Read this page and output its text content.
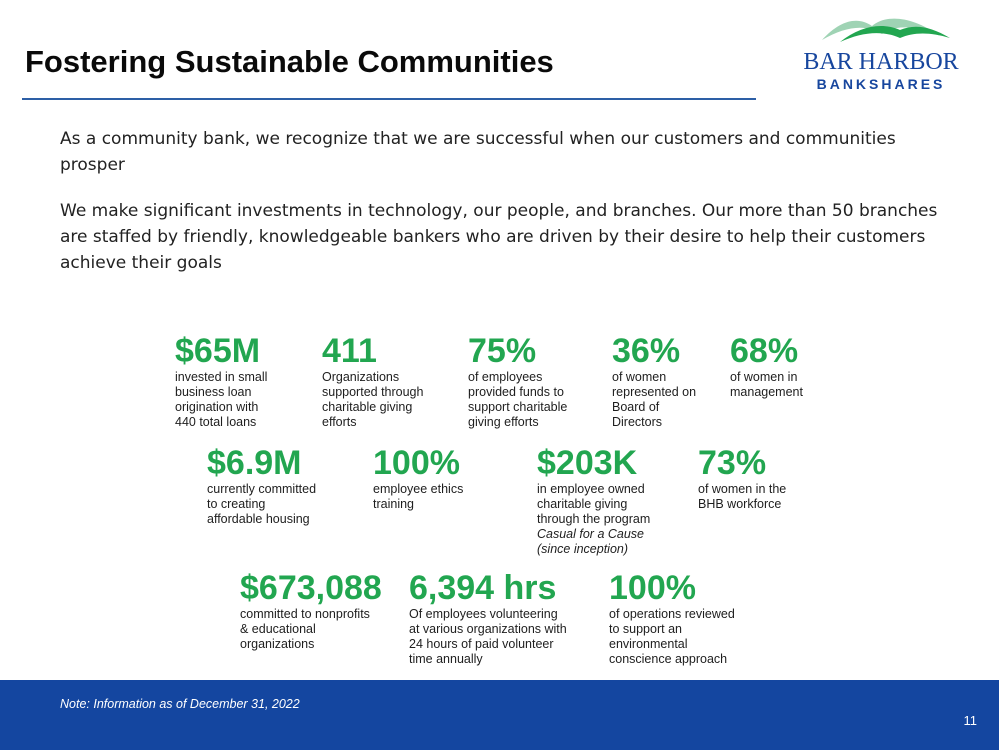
Fostering Sustainable Communities	BAR HARBOR
BANKSHARES

As a community bank, we recognize that we are successful when our customers and communities prosper

We make significant investments in technology, our people, and branches. Our more than 50 branches are staffed by friendly, knowledgeable bankers who are driven by their desire to help their customers achieve their goals

$65M
invested in small business loan origination with 440 total loans
411
Organizations supported through charitable giving efforts
75%
of employees provided funds to support charitable giving efforts
36%
of women represented on Board of Directors
68%
of women in management
$6.9M
currently committed to creating affordable housing
100%
employee ethics training
$203K
in employee owned charitable giving through the program Casual for a Cause (since inception)
73%
of women in the BHB workforce
$673,088
committed to nonprofits & educational organizations
6,394 hrs
Of employees volunteering at various organizations with 24 hours of paid volunteer time annually
100%
of operations reviewed to support an environmental conscience approach
Note: Information as of December 31, 2022
11
